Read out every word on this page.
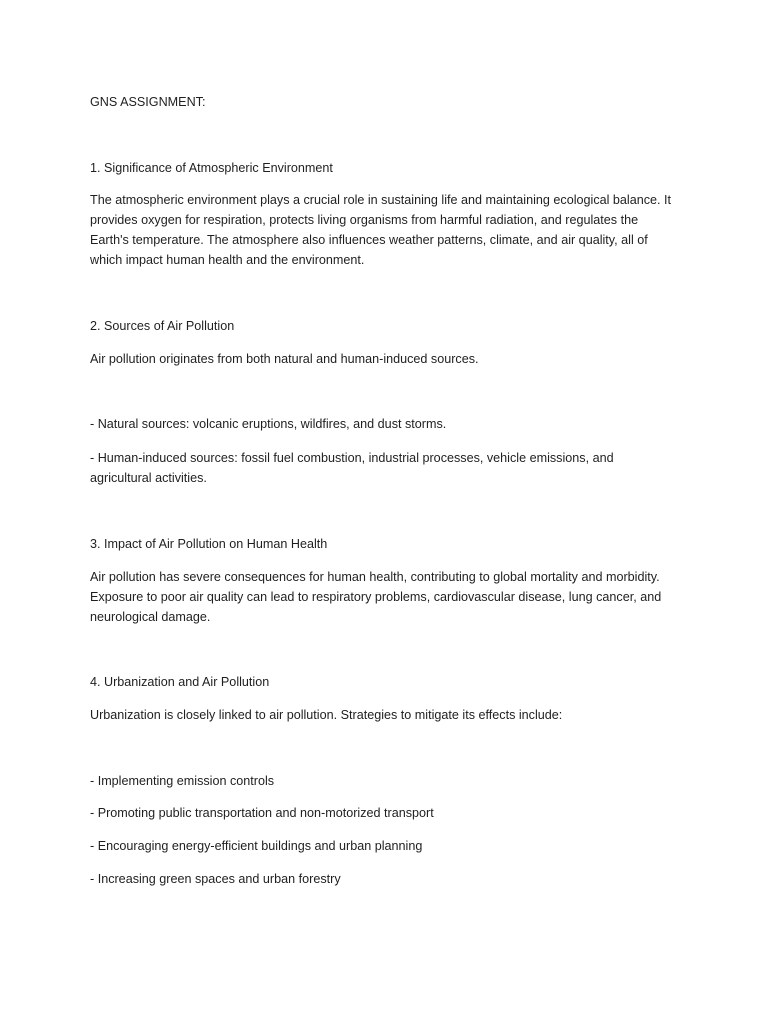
GNS ASSIGNMENT:
1. Significance of Atmospheric Environment
The atmospheric environment plays a crucial role in sustaining life and maintaining ecological balance. It
provides oxygen for respiration, protects living organisms from harmful radiation, and regulates the
Earth's temperature. The atmosphere also influences weather patterns, climate, and air quality, all of
which impact human health and the environment.
2. Sources of Air Pollution
Air pollution originates from both natural and human-induced sources.
- Natural sources: volcanic eruptions, wildfires, and dust storms.
- Human-induced sources: fossil fuel combustion, industrial processes, vehicle emissions, and
agricultural activities.
3. Impact of Air Pollution on Human Health
Air pollution has severe consequences for human health, contributing to global mortality and morbidity.
Exposure to poor air quality can lead to respiratory problems, cardiovascular disease, lung cancer, and
neurological damage.
4. Urbanization and Air Pollution
Urbanization is closely linked to air pollution. Strategies to mitigate its effects include:
- Implementing emission controls
- Promoting public transportation and non-motorized transport
- Encouraging energy-efficient buildings and urban planning
- Increasing green spaces and urban forestry
